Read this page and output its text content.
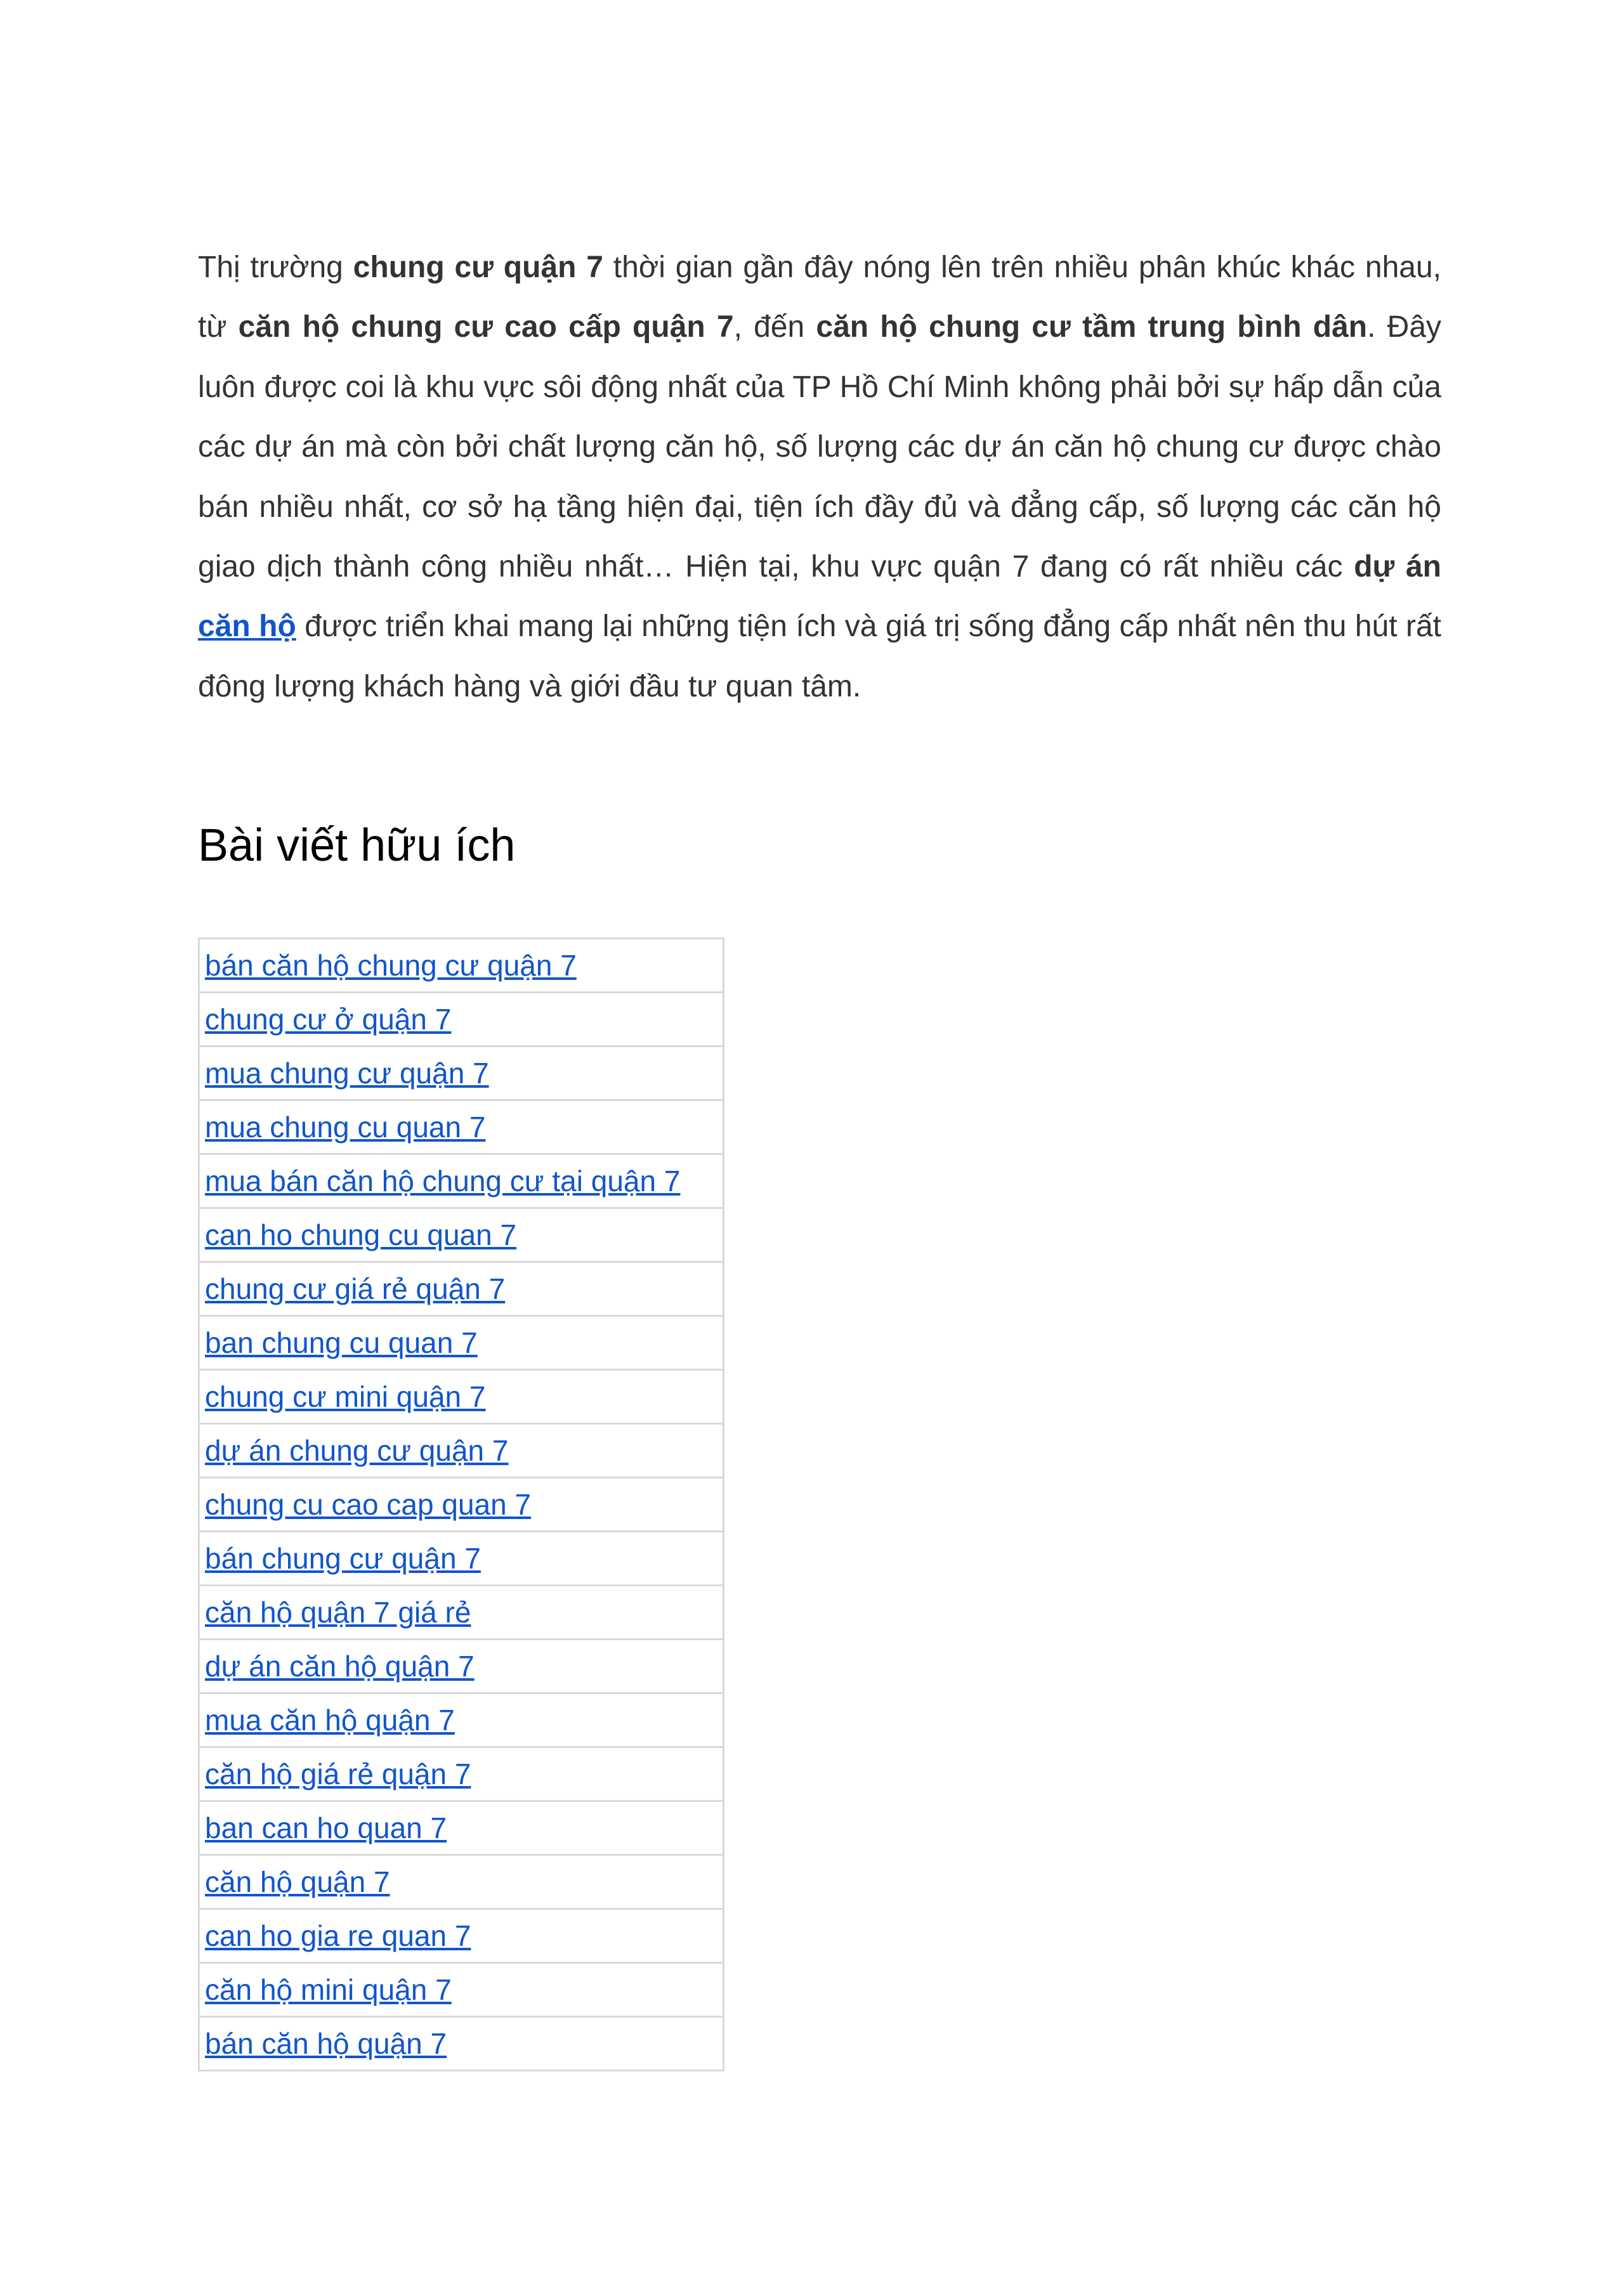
Thị trường chung cư quận 7 thời gian gần đây nóng lên trên nhiều phân khúc khác nhau, từ căn hộ chung cư cao cấp quận 7, đến căn hộ chung cư tầm trung bình dân. Đây luôn được coi là khu vực sôi động nhất của TP Hồ Chí Minh không phải bởi sự hấp dẫn của các dự án mà còn bởi chất lượng căn hộ, số lượng các dự án căn hộ chung cư được chào bán nhiều nhất, cơ sở hạ tầng hiện đại, tiện ích đầy đủ và đẳng cấp, số lượng các căn hộ giao dịch thành công nhiều nhất… Hiện tại, khu vực quận 7 đang có rất nhiều các dự án căn hộ được triển khai mang lại những tiện ích và giá trị sống đẳng cấp nhất nên thu hút rất đông lượng khách hàng và giới đầu tư quan tâm.

Bài viết hữu ích
bán căn hộ chung cư quận 7
chung cư ở quận 7
mua chung cư quận 7
mua chung cu quan 7
mua bán căn hộ chung cư tại quận 7
can ho chung cu quan 7
chung cư giá rẻ quận 7
ban chung cu quan 7
chung cư mini quận 7
dự án chung cư quận 7
chung cu cao cap quan 7
bán chung cư quận 7
căn hộ quận 7 giá rẻ
dự án căn hộ quận 7
mua căn hộ quận 7
căn hộ giá rẻ quận 7
ban can ho quan 7
căn hộ quận 7
can ho gia re quan 7
căn hộ mini quận 7
bán căn hộ quận 7
